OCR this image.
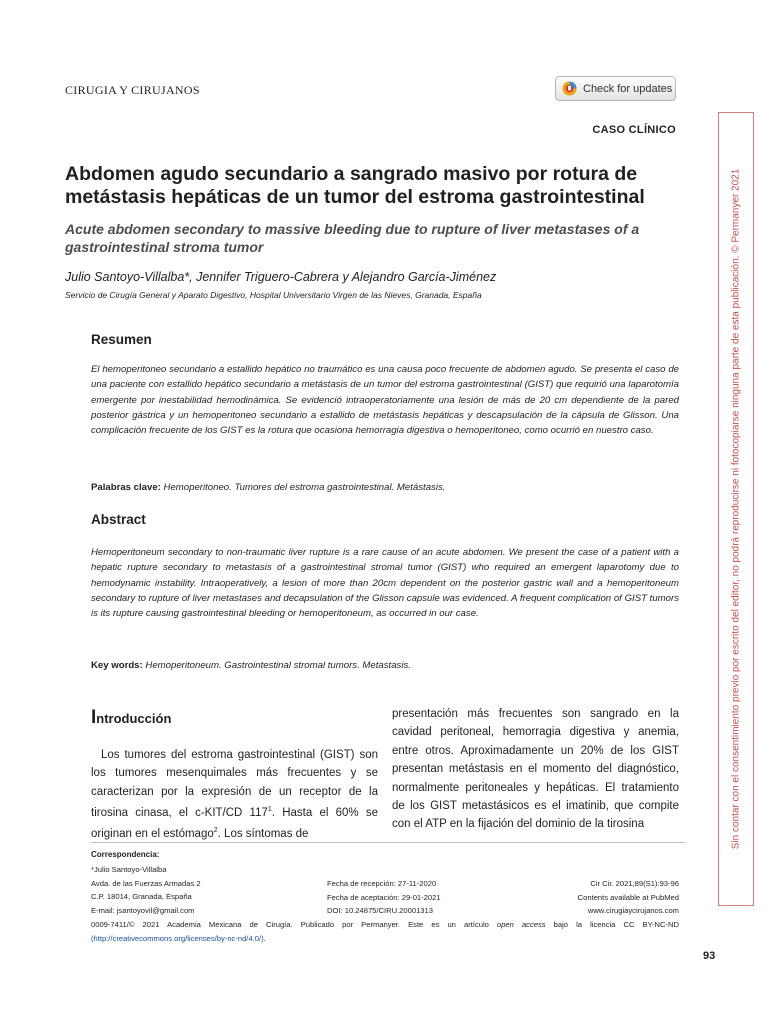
CIRUGIA Y CIRUJANOS	Check for updates
CASO CLÍNICO
Abdomen agudo secundario a sangrado masivo por rotura de metástasis hepáticas de un tumor del estroma gastrointestinal
Acute abdomen secondary to massive bleeding due to rupture of liver metastases of a gastrointestinal stroma tumor
Julio Santoyo-Villalba*, Jennifer Triguero-Cabrera y Alejandro García-Jiménez
Servicio de Cirugía General y Aparato Digestivo, Hospital Universitario Virgen de las Nieves, Granada, España
Resumen
El hemoperitoneo secundario a estallido hepático no traumático es una causa poco frecuente de abdomen agudo. Se presenta el caso de una paciente con estallido hepático secundario a metástasis de un tumor del estroma gastrointestinal (GIST) que requirió una laparotomía emergente por inestabilidad hemodinámica. Se evidenció intraoperatoriamente una lesión de más de 20 cm dependiente de la pared posterior gástrica y un hemoperitoneo secundario a estallido de metástasis hepáticas y descapsulación de la cápsula de Glisson. Una complicación frecuente de los GIST es la rotura que ocasiona hemorragia digestiva o hemoperitoneo, como ocurrió en nuestro caso.
Palabras clave: Hemoperitoneo. Tumores del estroma gastrointestinal. Metástasis.
Abstract
Hemoperitoneum secondary to non-traumatic liver rupture is a rare cause of an acute abdomen. We present the case of a patient with a hepatic rupture secondary to metastasis of a gastrointestinal stromal tumor (GIST) who required an emergent laparotomy due to hemodynamic instability. Intraoperatively, a lesion of more than 20cm dependent on the posterior gastric wall and a hemoperitoneum secondary to rupture of liver metastases and decapsulation of the Glisson capsule was evidenced. A frequent complication of GIST tumors is its rupture causing gastrointestinal bleeding or hemoperitoneum, as occurred in our case.
Key words: Hemoperitoneum. Gastrointestinal stromal tumors. Metastasis.
Introducción
Los tumores del estroma gastrointestinal (GIST) son los tumores mesenquimales más frecuentes y se caracterizan por la expresión de un receptor de la tirosina cinasa, el c-KIT/CD $117^1$. Hasta el 60% se originan en el estómago$^2$. Los síntomas de
presentación más frecuentes son sangrado en la cavidad peritoneal, hemorragia digestiva y anemia, entre otros. Aproximadamente un 20% de los GIST presentan metástasis en el momento del diagnóstico, normalmente peritoneales y hepáticas. El tratamiento de los GIST metastásicos es el imatinib, que compite con el ATP en la fijación del dominio de la tirosina
Correspondencia:
*Julio Santoyo-Villalba
Avda. de las Fuerzas Armadas 2
C.P. 18014, Granada, España
E-mail: jsantoyovil@gmail.com
Fecha de recepción: 27-11-2020
Fecha de aceptación: 29-01-2021
DOI: 10.24875/CIRU.20001313
Cir Cir. 2021;89(S1):93-96
Contents available at PubMed
www.cirugiaycirujanos.com
0009-7411/© 2021 Academia Mexicana de Cirugía. Publicado por Permanyer. Este es un artículo open access bajo la licencia CC BY-NC-ND (http://creativecommons.org/licenses/by-nc-nd/4.0/).
Sin contar con el consentimiento previo por escrito del editor, no podrá reproducirse ni fotocopiarse ninguna parte de esta publicación. © Permanyer 2021
93
